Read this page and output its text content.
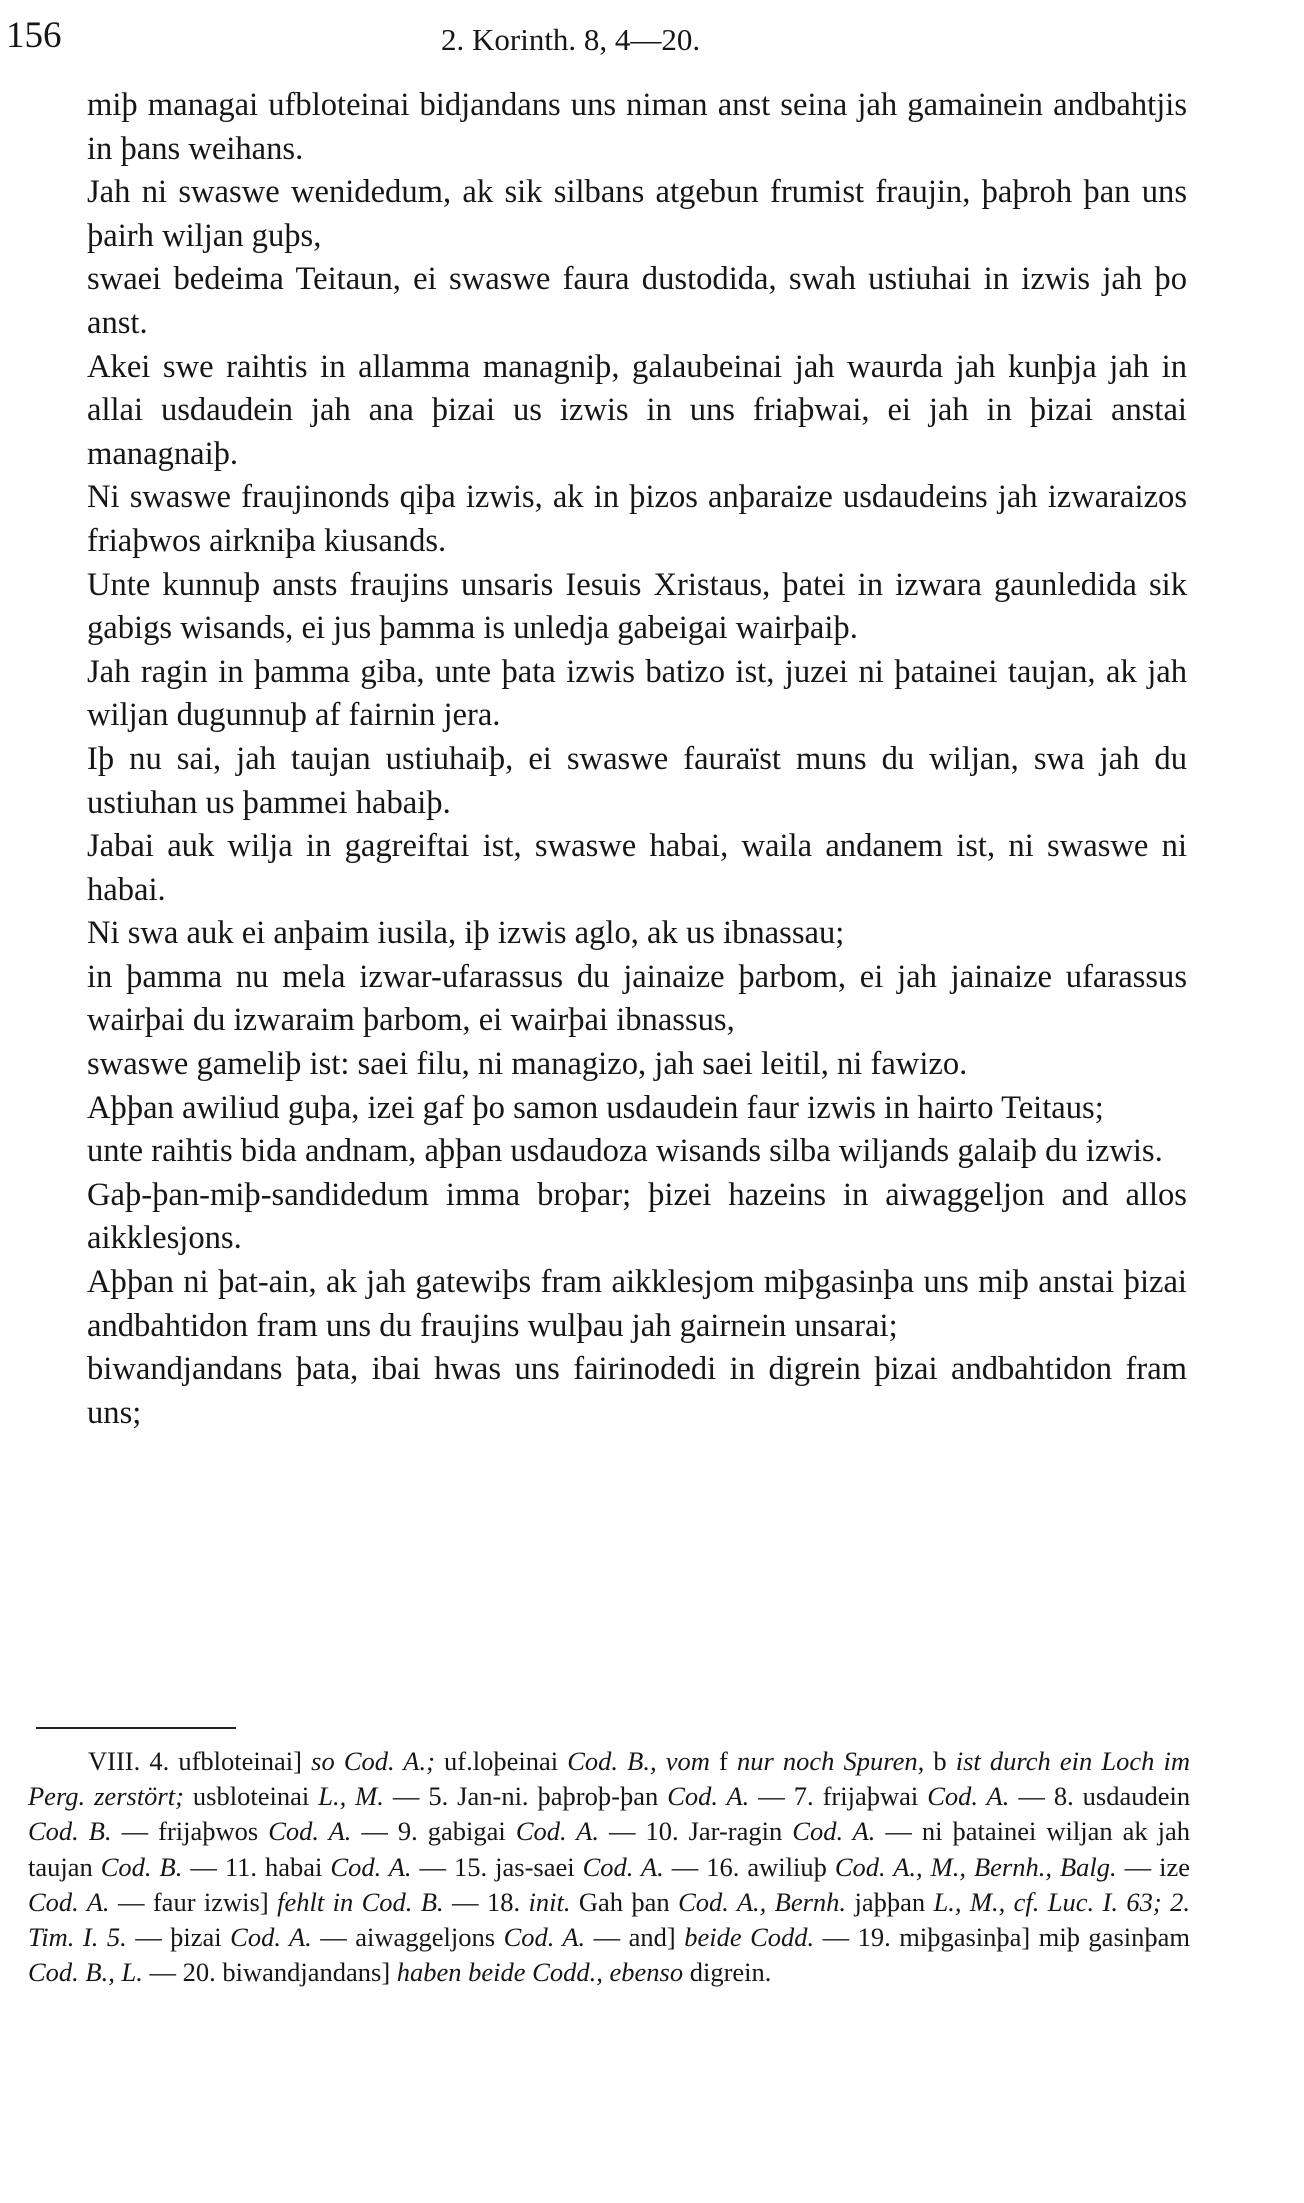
156	2. Korinth. 8, 4—20.
miþ managai ufbloteinai bidjandans uns niman anst seina jah gamainein andbahtjis in þans weihans.
Jah ni swaswe wenidedum, ak sik silbans atgebun frumist fraujin, þaþroh þan uns þairh wiljan guþs,
swaei bedeima Teitaun, ei swaswe faura dustodida, swah ustiuhai in izwis jah þo anst.
Akei swe raihtis in allamma managniþ, galaubeinai jah waurda jah kunþja jah in allai usdaudein jah ana þizai us izwis in uns friaþwai, ei jah in þizai anstai managnaiþ.
Ni swaswe fraujinonds qiþa izwis, ak in þizos anþaraize usdaudeins jah izwaraizos friaþwos airkniþa kiusands.
Unte kunnuþ ansts fraujins unsaris Iesuis Xristaus, þatei in izwara gaunledida sik gabigs wisands, ei jus þamma is unledja gabeigai wairþaiþ.
Jah ragin in þamma giba, unte þata izwis batizo ist, juzei ni þatainei taujan, ak jah wiljan dugunnuþ af fairnin jera.
Iþ nu sai, jah taujan ustiuhaiþ, ei swaswe fauraïst muns du wiljan, swa jah du ustiuhan us þammei habaiþ.
Jabai auk wilja in gagreiftai ist, swaswe habai, waila andanem ist, ni swaswe ni habai.
Ni swa auk ei anþaim iusila, iþ izwis aglo, ak us ibnassau;
in þamma nu mela izwar-ufarassus du jainaize þarbom, ei jah jainaize ufarassus wairþai du izwaraim þarbom, ei wairþai ibnassus,
swaswe gameliþ ist: saei filu, ni managizo, jah saei leitil, ni fawizo.
Aþþan awiliud guþa, izei gaf þo samon usdaudein faur izwis in hairto Teitaus;
unte raihtis bida andnam, aþþan usdaudoza wisands silba wiljands galaiþ du izwis.
Gaþ-þan-miþ-sandidedum imma broþar; þizei hazeins in aiwaggeljon and allos aikklesjons.
Aþþan ni þat-ain, ak jah gatewiþs fram aikklesjom miþgasinþa uns miþ anstai þizai andbahtidon fram uns du fraujins wulþau jah gairnein unsarai;
biwandjandans þata, ibai hwas uns fairinodedi in digrein þizai andbahtidon fram uns;
VIII. 4. ufbloteinai] so Cod. A.; uf.loþeinai Cod. B., vom f nur noch Spuren, b ist durch ein Loch im Perg. zerstört; usbloteinai L., M. — 5. Jan-ni. þaþroþ-þan Cod. A. — 7. frijaþwai Cod. A. — 8. usdaudein Cod. B. — frijaþwos Cod. A. — 9. gabigai Cod. A. — 10. Jar-ragin Cod. A. — ni þatainei wiljan ak jah taujan Cod. B. — 11. habai Cod. A. — 15. jas-saei Cod. A. — 16. awiliuþ Cod. A., M., Bernh., Balg. — ize Cod. A. — faur izwis] fehlt in Cod. B. — 18. init. Gah þan Cod. A., Bernh. jaþþan L., M., cf. Luc. I. 63; 2. Tim. I. 5. — þizai Cod. A. — aiwaggeljons Cod. A. — and] beide Codd. — 19. miþgasinþa] miþ gasinþam Cod. B., L. — 20. biwandjandans] haben beide Codd., ebenso digrein.
